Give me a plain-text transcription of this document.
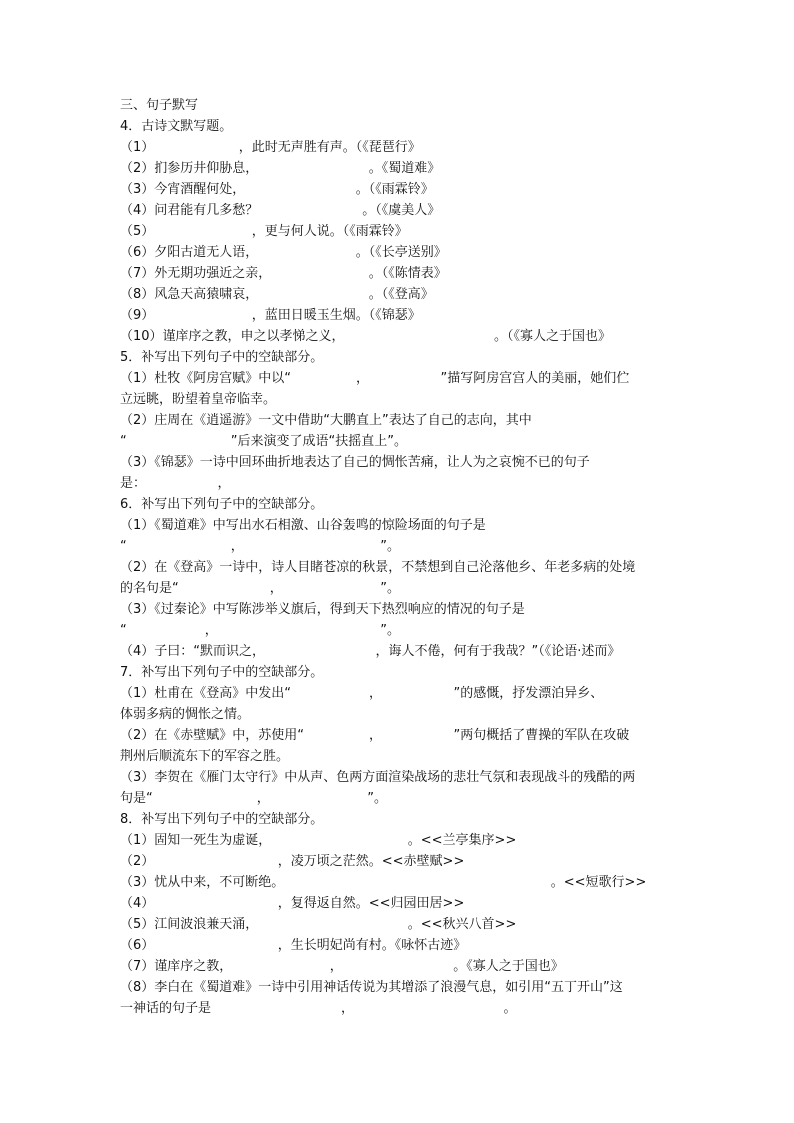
三、句子默写
4．古诗文默写题。
（1）　　　　　　　，此时无声胜有声。（《琵琶行》
（2）扪参历井仰胁息，　　　　　　　　　。《蜀道难》
（3）今宵酒醒何处，　　　　　　　　　。（《雨霖铃》
（4）问君能有几多愁？　　　　　　　　。（《虞美人》
（5）　　　　　　　　，更与何人说。（《雨霖铃》
（6）夕阳古道无人语，　　　　　　　　。（《长亭送别》
（7）外无期功强近之亲，　　　　　　　　。（《陈情表》
（8）风急天高猿啸哀，　　　　　　　　　。（《登高》
（9）　　　　　　　　，蓝田日暖玉生烟。（《锦瑟》
（10）谨庠序之教，申之以孝悌之义，　　　　　　　　　　　　。（《寡人之于国也》
5．补写出下列句子中的空缺部分。
（1）杜牧《阿房宫赋》中以“　　　　　，　　　　　　”描写阿房宫宫人的美丽，她们伫
立远眺，盼望着皇帝临幸。
（2）庄周在《逍遥游》一文中借助“大鹏直上”表达了自己的志向，其中
“　　　　　　　　”后来演变了成语“扶摇直上”。
（3）《锦瑟》一诗中回环曲折地表达了自己的惆怅苦痛，让人为之哀惋不已的句子
是：　　　　　　，
6．补写出下列句子中的空缺部分。
（1）《蜀道难》中写出水石相激、山谷轰鸣的惊险场面的句子是
“　　　　　　　　，　　　　　　　　　　　”。
（2）在《登高》一诗中，诗人目睹苍凉的秋景，不禁想到自己沦落他乡、年老多病的处境
的名句是“　　　　　　　，　　　　　　　　”。
（3）《过秦论》中写陈涉举义旗后，得到天下热烈响应的情况的句子是
“　　　　　　，　　　　　　　　　　　　　”。
（4）子曰：“默而识之，　　　　　　　　　，诲人不倦，何有于我哉？”（《论语·述而》
7．补写出下列句子中的空缺部分。
（1）杜甫在《登高》中发出“　　　　　　，　　　　　　”的感慨，抒发漂泊异乡、
体弱多病的惆怅之情。
（2）在《赤壁赋》中，苏使用“　　　　　，　　　　　　”两句概括了曹操的军队在攻破
荆州后顺流东下的军容之胜。
（3）李贺在《雁门太守行》中从声、色两方面渲染战场的悲壮气氛和表现战斗的残酷的两
句是“　　　　　　　　，　　　　　　　　”。
8．补写出下列句子中的空缺部分。
（1）固知一死生为虚诞，　　　　　　　　　　　。<<兰亭集序>>
（2）　　　　　　　　　　，凌万顷之茫然。<<赤壁赋>>
（3）忧从中来，不可断绝。　　　　　　　　　　　　　　　　　　　　　。<<短歌行>>
（4）　　　　　　　　　　，复得返自然。<<归园田居>>
（5）江间波浪兼天涌，　　　　　　　　　　　　。<<秋兴八首>>
（6）　　　　　　　　　　，生长明妃尚有村。《咏怀古迹》
（7）谨庠序之教，　　　　　　　　，　　　　　　　　　。《寡人之于国也》
（8）李白在《蜀道难》一诗中引用神话传说为其增添了浪漫气息，如引用“五丁开山”这
一神话的句子是　　　　　　　　　　，　　　　　　　　　　　　。
